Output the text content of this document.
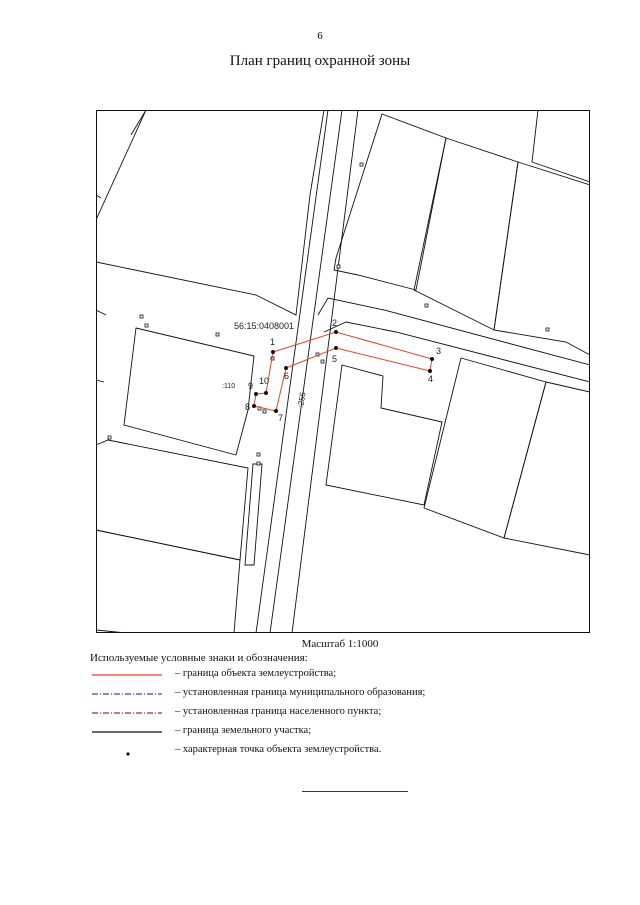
6
План границ охранной зоны
1
2
3
4
5
6
7
8
9 10
56:15:0408001
:110
:255
Масштаб 1:1000
Используемые условные знаки и обозначения:
– граница объекта землеустройства;
– установленная граница муниципального образования;
– установленная граница населенного пункта;
– граница земельного участка;
– характерная точка объекта землеустройства.
